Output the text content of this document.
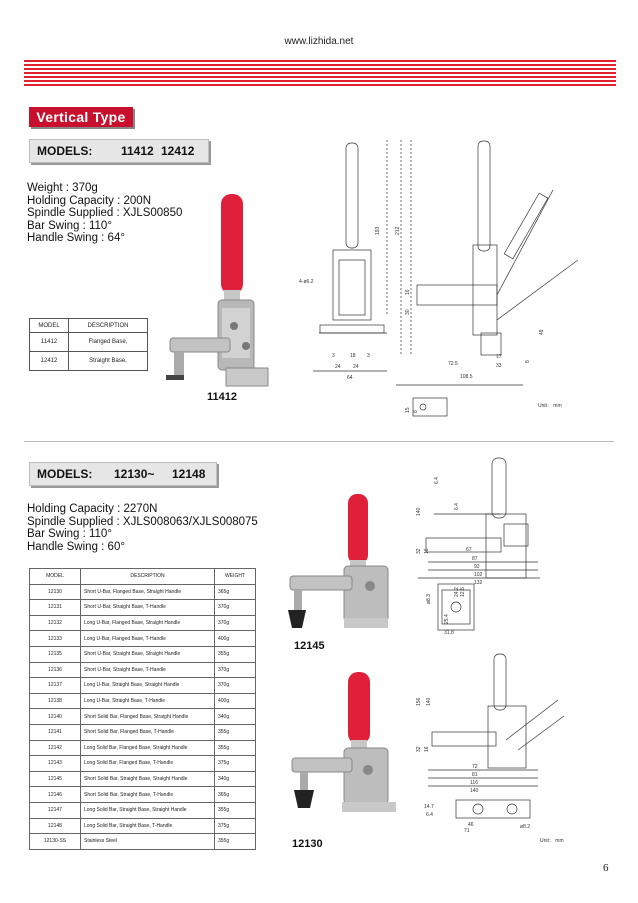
www.lizhida.net
Vertical Type
MODELS: 11412 12412
Weight : 370g
Holding Capacity : 200N
Spindle Supplied : XJLS00850
Bar Swing : 110°
Handle Swing : 64°
MODEL	DESCRIPTION
11412	Flanged Base,
12412	Straight Base,
11412
4-ø6.2
193	212
16
30
3	18 3
24 24
64
72.5
17
33
108.5
8
49
15 8
Unit： mm
MODELS: 12130~ 12148
Holding Capacity : 2270N
Spindle Supplied : XJLS008063/XJLS008075
Bar Swing : 110°
Handle Swing : 60°
MODEL	DESCRIPTION	WEIGHT
12130	Short U-Bar, Flanged Base, Straight Handle	365g
12131	Short U-Bar, Straight Base, T-Handle	370g
12132	Long U-Bar, Flanged Base, Straight Handle	370g
12133	Long U-Bar, Flanged Base, T-Handle	400g
12135	Short U-Bar, Straight Base, Straight Handle	355g
12136	Short U-Bar, Straight Base, T-Handle	370g
12137	Long U-Bar, Straight Base, Straight Handle	370g
12138	Long U-Bar, Straight Base, T-Handle	400g
12140	Short Solid Bar, Flanged Base, Straight Handle	340g
12141	Short Solid Bar, Flanged Base, T-Handle	355g
12142	Long Solid Bar, Flanged Base, Straight Handle	355g
12143	Long Solid Bar, Flanged Base, T-Handle	375g
12145	Short Solid Bar, Straight Base, Straight Handle	340g
12146	Short Solid Bar, Straight Base, T-Handle	365g
12147	Long Solid Bar, Straight Base, Straight Handle	355g
12148	Long Solid Bar, Straight Base, T-Handle	375g
12130-SS	Stainless Steel	355g
12145
12130
140
6.4
6.4
32 16	67
87
92
102
132
ø8.3
25.4
31.8
24.2 12.5
156 140
32 16
72
81
116
140
14.7
6.4
46
71
ø8.2
Unit： mm
6
